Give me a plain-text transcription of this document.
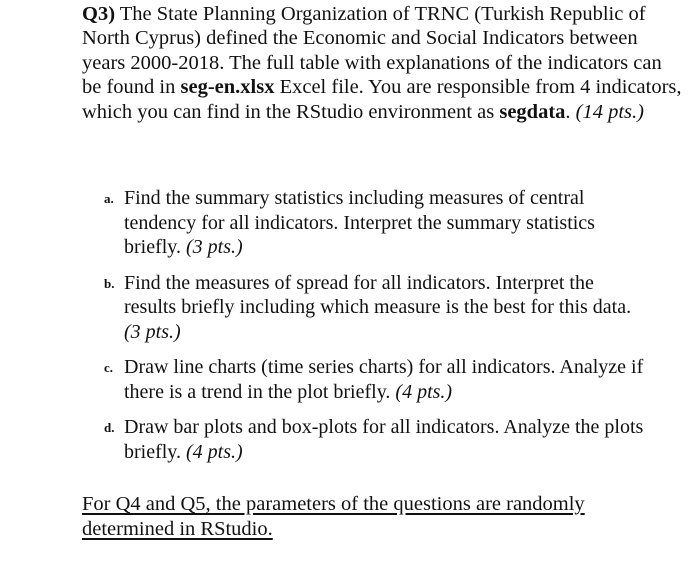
Q3) The State Planning Organization of TRNC (Turkish Republic of North Cyprus) defined the Economic and Social Indicators between years 2000-2018. The full table with explanations of the indicators can be found in seg-en.xlsx Excel file. You are responsible from 4 indicators, which you can find in the RStudio environment as segdata. (14 pts.)

a. Find the summary statistics including measures of central tendency for all indicators. Interpret the summary statistics briefly. (3 pts.)
b. Find the measures of spread for all indicators. Interpret the results briefly including which measure is the best for this data. (3 pts.)
c. Draw line charts (time series charts) for all indicators. Analyze if there is a trend in the plot briefly. (4 pts.)
d. Draw bar plots and box-plots for all indicators. Analyze the plots briefly. (4 pts.)

For Q4 and Q5, the parameters of the questions are randomly determined in RStudio.
